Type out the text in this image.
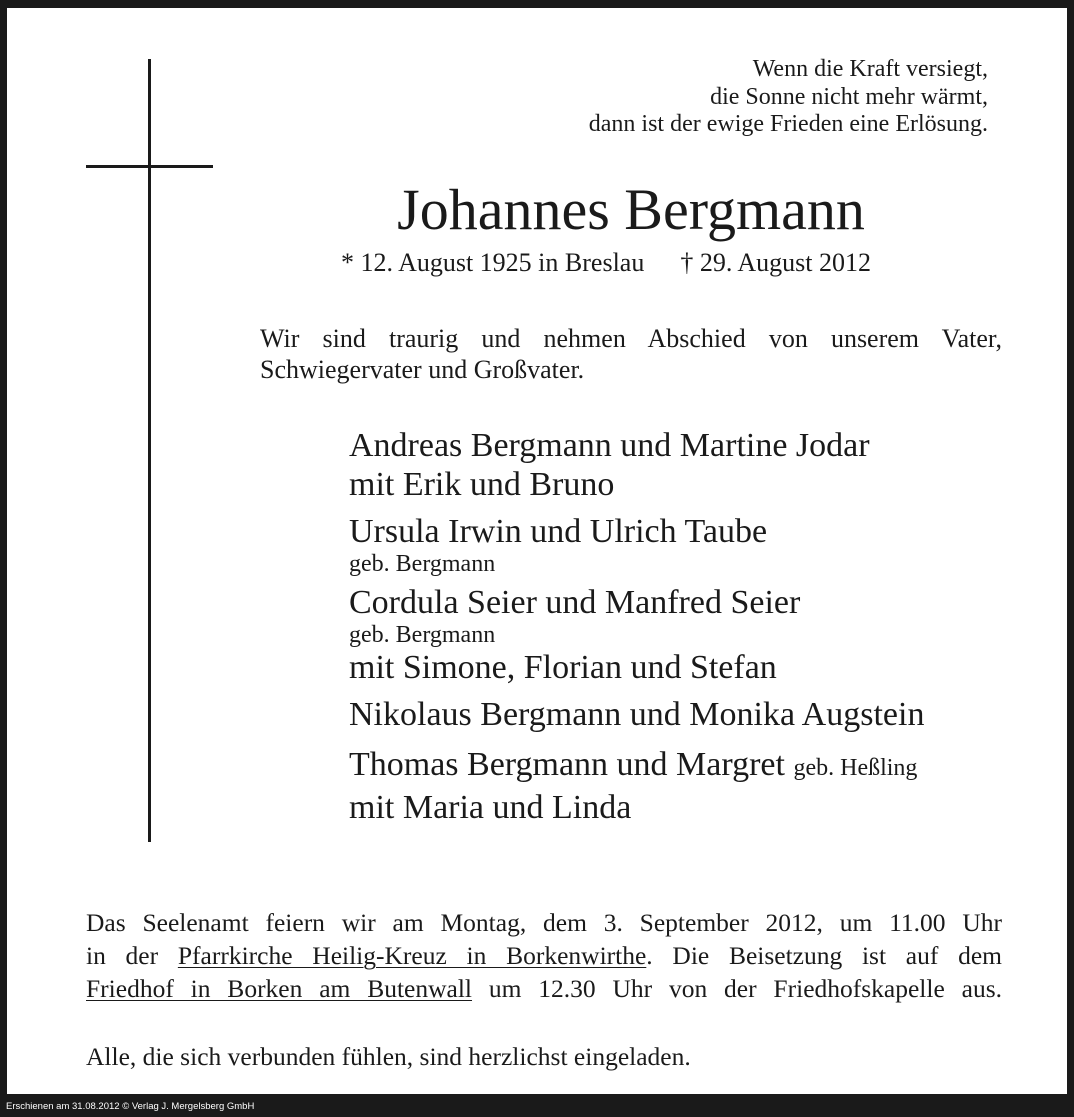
Wenn die Kraft versiegt,
die Sonne nicht mehr wärmt,
dann ist der ewige Frieden eine Erlösung.
Johannes Bergmann
* 12. August 1925 in Breslau † 29. August 2012
Wir sind traurig und nehmen Abschied von unserem Vater,
Schwiegervater und Großvater.
Andreas Bergmann und Martine Jodar
mit Erik und Bruno
Ursula Irwin und Ulrich Taube
geb. Bergmann
Cordula Seier und Manfred Seier
geb. Bergmann
mit Simone, Florian und Stefan
Nikolaus Bergmann und Monika Augstein
Thomas Bergmann und Margret geb. Heßling
mit Maria und Linda
Das Seelenamt feiern wir am Montag, dem 3. September 2012, um 11.00 Uhr
in der Pfarrkirche Heilig-Kreuz in Borkenwirthe. Die Beisetzung ist auf dem
Friedhof in Borken am Butenwall um 12.30 Uhr von der Friedhofskapelle aus.
Alle, die sich verbunden fühlen, sind herzlichst eingeladen.
Erschienen am 31.08.2012 © Verlag J. Mergelsberg GmbH
